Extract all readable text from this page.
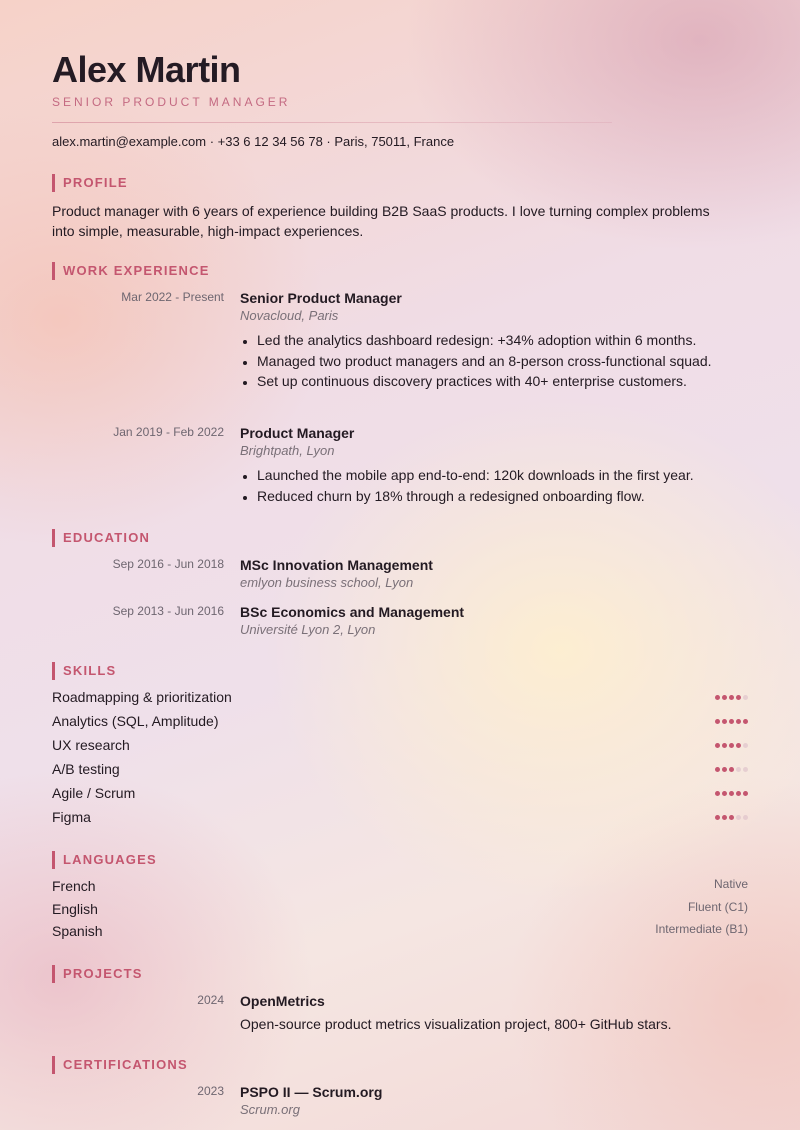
Alex Martin
SENIOR PRODUCT MANAGER
alex.martin@example.com · +33 6 12 34 56 78 · Paris, 75011, France
PROFILE
Product manager with 6 years of experience building B2B SaaS products. I love turning complex problems into simple, measurable, high-impact experiences.
WORK EXPERIENCE
Mar 2022 - Present Senior Product Manager
Novacloud, Paris
• Led the analytics dashboard redesign: +34% adoption within 6 months.
• Managed two product managers and an 8-person cross-functional squad.
• Set up continuous discovery practices with 40+ enterprise customers.
Jan 2019 - Feb 2022 Product Manager
Brightpath, Lyon
• Launched the mobile app end-to-end: 120k downloads in the first year.
• Reduced churn by 18% through a redesigned onboarding flow.
EDUCATION
Sep 2016 - Jun 2018 MSc Innovation Management
emlyon business school, Lyon
Sep 2013 - Jun 2016 BSc Economics and Management
Université Lyon 2, Lyon
SKILLS
Roadmapping & prioritization
Analytics (SQL, Amplitude)
UX research
A/B testing
Agile / Scrum
Figma
LANGUAGES
French	Native
English	Fluent (C1)
Spanish	Intermediate (B1)
PROJECTS
2024 OpenMetrics
Open-source product metrics visualization project, 800+ GitHub stars.
CERTIFICATIONS
2023 PSPO II — Scrum.org
Scrum.org
